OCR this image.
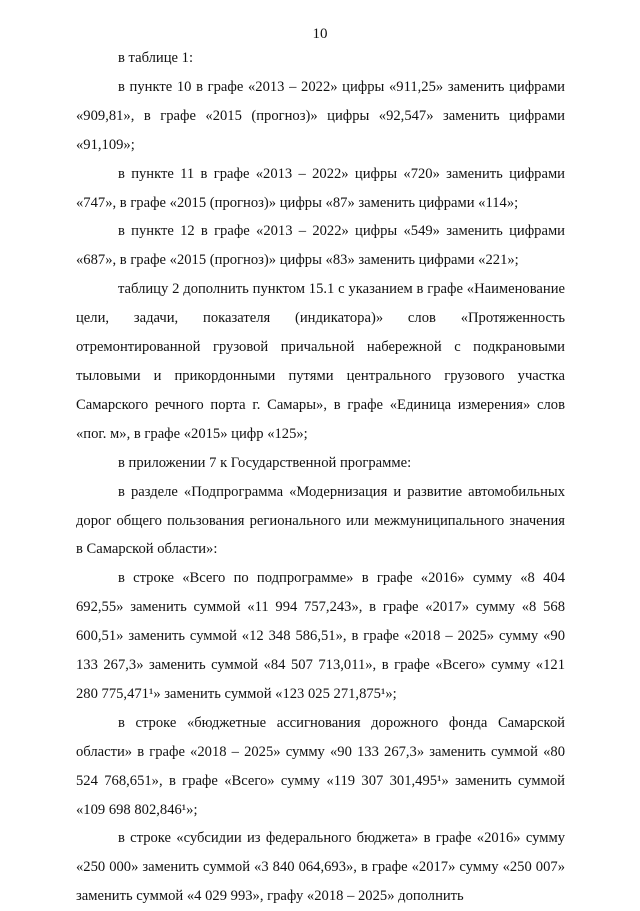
10

в таблице 1:

в пункте 10 в графе «2013 – 2022» цифры «911,25» заменить цифрами «909,81», в графе «2015 (прогноз)» цифры «92,547» заменить цифрами «91,109»;

в пункте 11 в графе «2013 – 2022» цифры «720» заменить цифрами «747», в графе «2015 (прогноз)» цифры «87» заменить цифрами «114»;

в пункте 12 в графе «2013 – 2022» цифры «549» заменить цифрами «687», в графе «2015 (прогноз)» цифры «83» заменить цифрами «221»;

таблицу 2 дополнить пунктом 15.1 с указанием в графе «Наименование цели, задачи, показателя (индикатора)» слов «Протяженность отремонтированной грузовой причальной набережной с подкрановыми тыловыми и прикордонными путями центрального грузового участка Самарского речного порта г. Самары», в графе «Единица измерения» слов «пог. м», в графе «2015» цифр «125»;

в приложении 7 к Государственной программе:

в разделе «Подпрограмма «Модернизация и развитие автомобильных дорог общего пользования регионального или межмуниципального значения в Самарской области»:

в строке «Всего по подпрограмме» в графе «2016» сумму «8 404 692,55» заменить суммой «11 994 757,243», в графе «2017» сумму «8 568 600,51» заменить суммой «12 348 586,51», в графе «2018 – 2025» сумму «90 133 267,3» заменить суммой «84 507 713,011», в графе «Всего» сумму «121 280 775,471¹» заменить суммой «123 025 271,875¹»;

в строке «бюджетные ассигнования дорожного фонда Самарской области» в графе «2018 – 2025» сумму «90 133 267,3» заменить суммой «80 524 768,651», в графе «Всего» сумму «119 307 301,495¹» заменить суммой «109 698 802,846¹»;

в строке «субсидии из федерального бюджета» в графе «2016» сумму «250 000» заменить суммой «3 840 064,693», в графе «2017» сумму «250 007» заменить суммой «4 029 993», графу «2018 – 2025» дополнить
